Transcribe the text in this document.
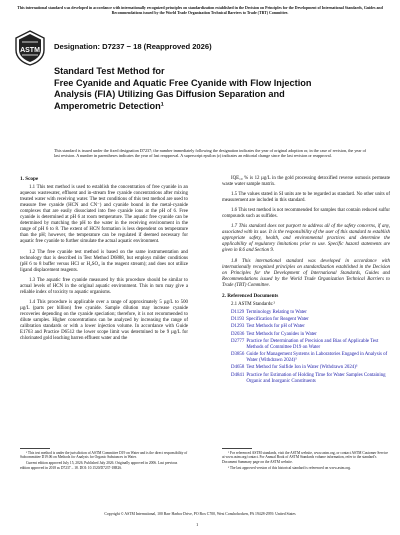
This international standard was developed in accordance with internationally recognized principles on standardization established in the Decision on Principles for the Development of International Standards, Guides and Recommendations issued by the World Trade Organization Technical Barriers to Trade (TBT) Committee.
ASTM Designation: D7237 − 18 (Reapproved 2026)
Standard Test Method for
Free Cyanide and Aquatic Free Cyanide with Flow Injection
Analysis (FIA) Utilizing Gas Diffusion Separation and
Amperometric Detection¹
This standard is issued under the fixed designation D7237; the number immediately following the designation indicates the year of original adoption or, in the case of revision, the year of last revision. A number in parentheses indicates the year of last reapproval. A superscript epsilon (ε) indicates an editorial change since the last revision or reapproval.
1. Scope

1.1 This test method is used to establish the concentration of free cyanide in an aqueous wastewater, effluent and in-stream free cyanide concentrations after mixing treated water with receiving water. The test conditions of this test method are used to measure free cyanide (HCN and CN⁻) and cyanide bound in the metal-cyanide complexes that are easily dissociated into free cyanide ions at the pH of 6. Free cyanide is determined at pH 6 at room temperature. The aquatic free cyanide can be determined by matching the pH to the water in the receiving environment in the range of pH 6 to 8. The extent of HCN formation is less dependent on temperature than the pH; however, the temperature can be regulated if deemed necessary for aquatic free cyanide to further simulate the actual aquatic environment.

1.2 The free cyanide test method is based on the same instrumentation and technology that is described in Test Method D6888, but employs milder conditions (pH 6 to 8 buffer versus HCl or H₂SO₄ in the reagent stream); and does not utilize ligand displacement reagents.

1.3 The aquatic free cyanide measured by this procedure should be similar to actual levels of HCN in the original aquatic environment. This in turn may give a reliable index of toxicity to aquatic organisms.

1.4 This procedure is applicable over a range of approximately 5 µg/L to 500 µg/L (parts per billion) free cyanide. Sample dilution may increase cyanide recoveries depending on the cyanide speciation; therefore, it is not recommended to dilute samples. Higher concentrations can be analyzed by increasing the range of calibration standards or with a lower injection volume. In accordance with Guide E1763 and Practice D6512 the lower scope limit was determined to be 9 µg/L for chlorinated gold leaching barren effluent water and the

IQE₁₀ % is 12 µg/L in the gold processing detoxified reverse osmosis permeate waste water sample matrix.

1.5 The values stated in SI units are to be regarded as standard. No other units of measurement are included in this standard.

1.6 This test method is not recommended for samples that contain reduced sulfur compounds such as sulfides.

1.7 This standard does not purport to address all of the safety concerns, if any, associated with its use. It is the responsibility of the user of this standard to establish appropriate safety, health, and environmental practices and determine the applicability of regulatory limitations prior to use. Specific hazard statements are given in 8.6 and Section 9.

1.8 This international standard was developed in accordance with internationally recognized principles on standardization established in the Decision on Principles for the Development of International Standards, Guides and Recommendations issued by the World Trade Organization Technical Barriers to Trade (TBT) Committee.

2. Referenced Documents
2.1 ASTM Standards:²
D1129 Terminology Relating to Water
D1193 Specification for Reagent Water
D1293 Test Methods for pH of Water
D2036 Test Methods for Cyanides in Water
D2777 Practice for Determination of Precision and Bias of Applicable Test Methods of Committee D19 on Water
D3856 Guide for Management Systems in Laboratories Engaged in Analysis of Water (Withdrawn 2024)³
D4658 Test Method for Sulfide Ion in Water (Withdrawn 2024)³
D4841 Practice for Estimation of Holding Time for Water Samples Containing Organic and Inorganic Constituents

¹ This test method is under the jurisdiction of ASTM Committee D19 on Water and is the direct responsibility of Subcommittee D19.06 on Methods for Analysis for Organic Substances in Water.

Current edition approved July 15, 2026. Published July 2026. Originally approved in 2006. Last previous edition approved in 2018 as D7237 – 18. DOI: 10.1520/D7237-18R26.

² For referenced ASTM standards, visit the ASTM website, www.astm.org, or contact ASTM Customer Service at www.astm.org/contact. For Annual Book of ASTM Standards volume information, refer to the standard's Document Summary page on the ASTM website.

³ The last approved version of this historical standard is referenced on www.astm.org.

Copyright © ASTM International, 100 Barr Harbor Drive, PO Box C700, West Conshohocken, PA 19428-2959. United States
1
